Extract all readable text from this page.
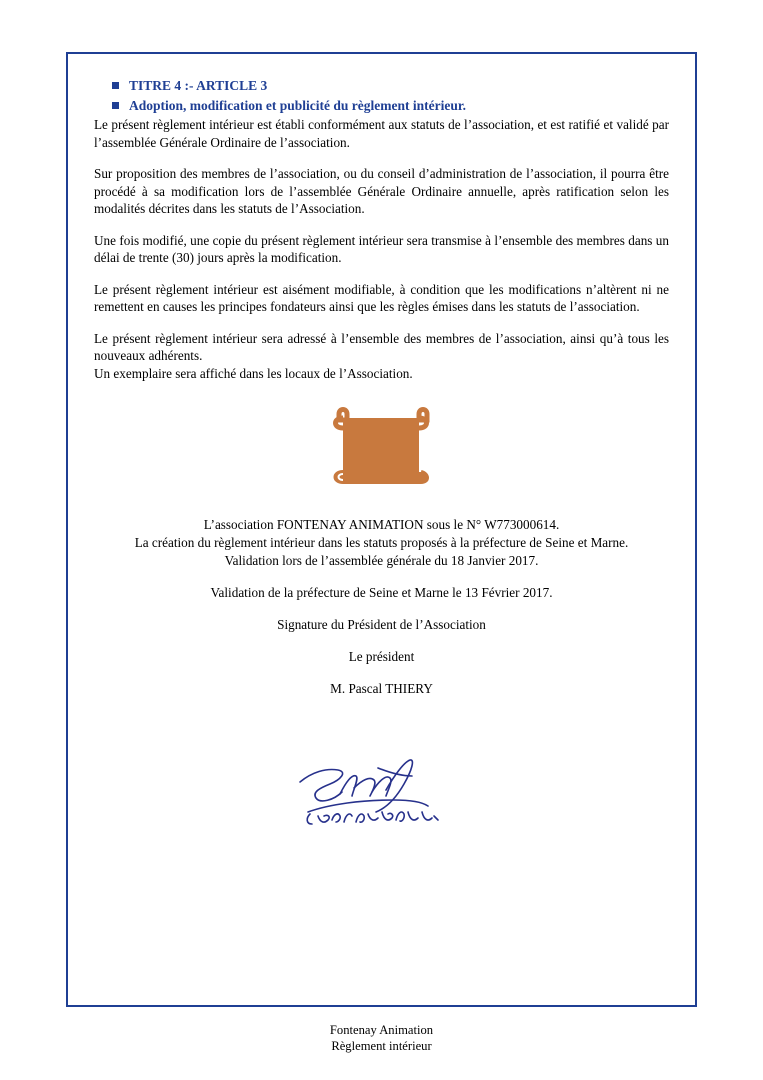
TITRE 4 :- ARTICLE 3
Adoption, modification et publicité du règlement intérieur.

Le présent règlement intérieur est établi conformément aux statuts de l’association, et est ratifié et validé par l’assemblée Générale Ordinaire de l’association.

Sur proposition des membres de l’association, ou du conseil d’administration de l’association, il pourra être procédé à sa modification lors de l’assemblée Générale Ordinaire annuelle, après ratification selon les modalités décrites dans les statuts de l’Association.

Une fois modifié, une copie du présent règlement intérieur sera transmise à l’ensemble des membres dans un délai de trente (30) jours après la modification.

Le présent règlement intérieur est aisément modifiable, à condition que les modifications n’altèrent ni ne remettent en causes les principes fondateurs ainsi que les règles émises dans les statuts de l’association.

Le présent règlement intérieur sera adressé à l’ensemble des membres de l’association, ainsi qu’à tous les nouveaux adhérents.

Un exemplaire sera affiché dans les locaux de l’Association.

L’association FONTENAY ANIMATION sous le N° W773000614.
La création du règlement intérieur dans les statuts proposés à la préfecture de Seine et Marne.
Validation lors de l’assemblée générale du 18 Janvier 2017.
Validation de la préfecture de Seine et Marne le 13 Février 2017.
Signature du Président de l’Association
Le président
M. Pascal THIERY
Fontenay Animation
Règlement intérieur
